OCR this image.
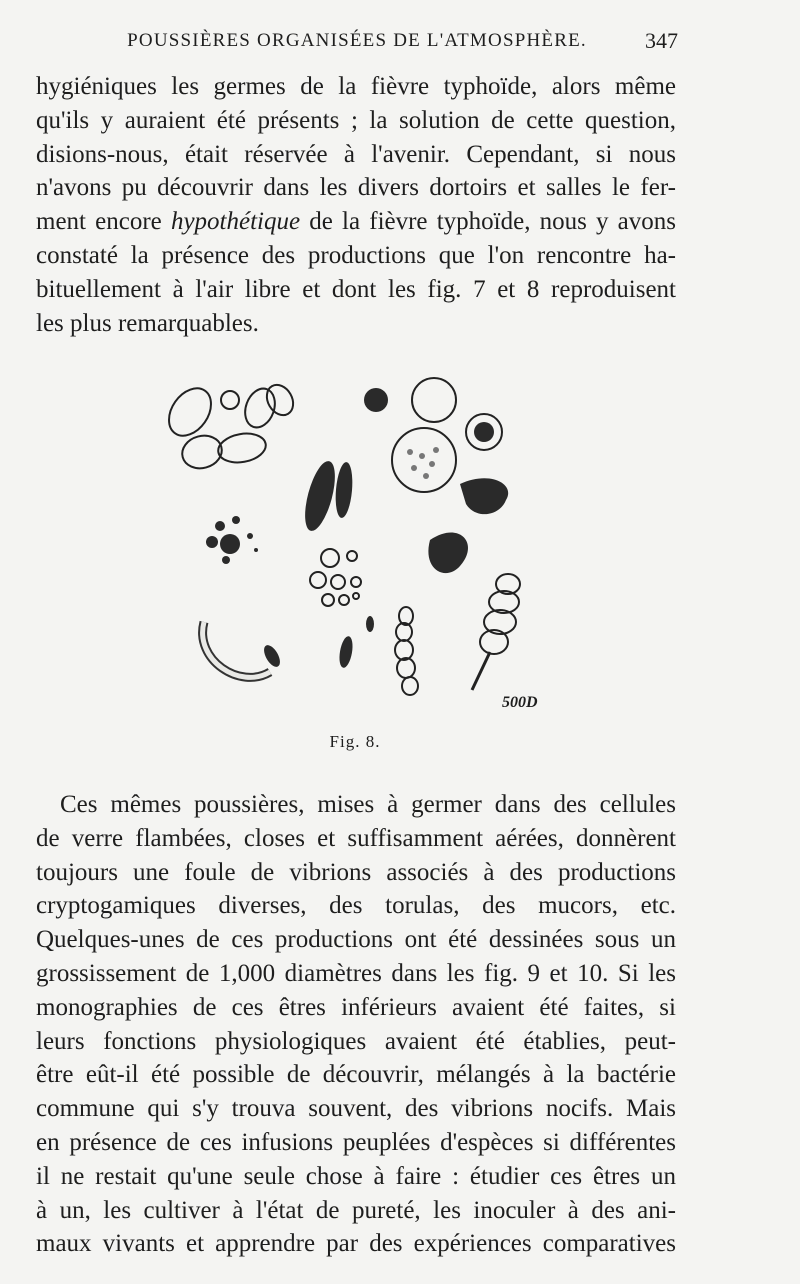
POUSSIÈRES ORGANISÉES DE L'ATMOSPHÈRE.	347
hygiéniques les germes de la fièvre typhoïde, alors même
qu'ils y auraient été présents ; la solution de cette question,
disions-nous, était réservée à l'avenir. Cependant, si nous
n'avons pu découvrir dans les divers dortoirs et salles le fer-
ment encore hypothétique de la fièvre typhoïde, nous y avons
constaté la présence des productions que l'on rencontre ha-
bituellement à l'air libre et dont les fig. 7 et 8 reproduisent
les plus remarquables.
500D
Fig. 8.
Ces mêmes poussières, mises à germer dans des cellules
de verre flambées, closes et suffisamment aérées, donnèrent
toujours une foule de vibrions associés à des productions
cryptogamiques diverses, des torulas, des mucors, etc.
Quelques-unes de ces productions ont été dessinées sous un
grossissement de 1,000 diamètres dans les fig. 9 et 10. Si les
monographies de ces êtres inférieurs avaient été faites, si
leurs fonctions physiologiques avaient été établies, peut-
être eût-il été possible de découvrir, mélangés à la bactérie
commune qui s'y trouva souvent, des vibrions nocifs. Mais
en présence de ces infusions peuplées d'espèces si différentes
il ne restait qu'une seule chose à faire : étudier ces êtres un
à un, les cultiver à l'état de pureté, les inoculer à des ani-
maux vivants et apprendre par des expériences comparatives
